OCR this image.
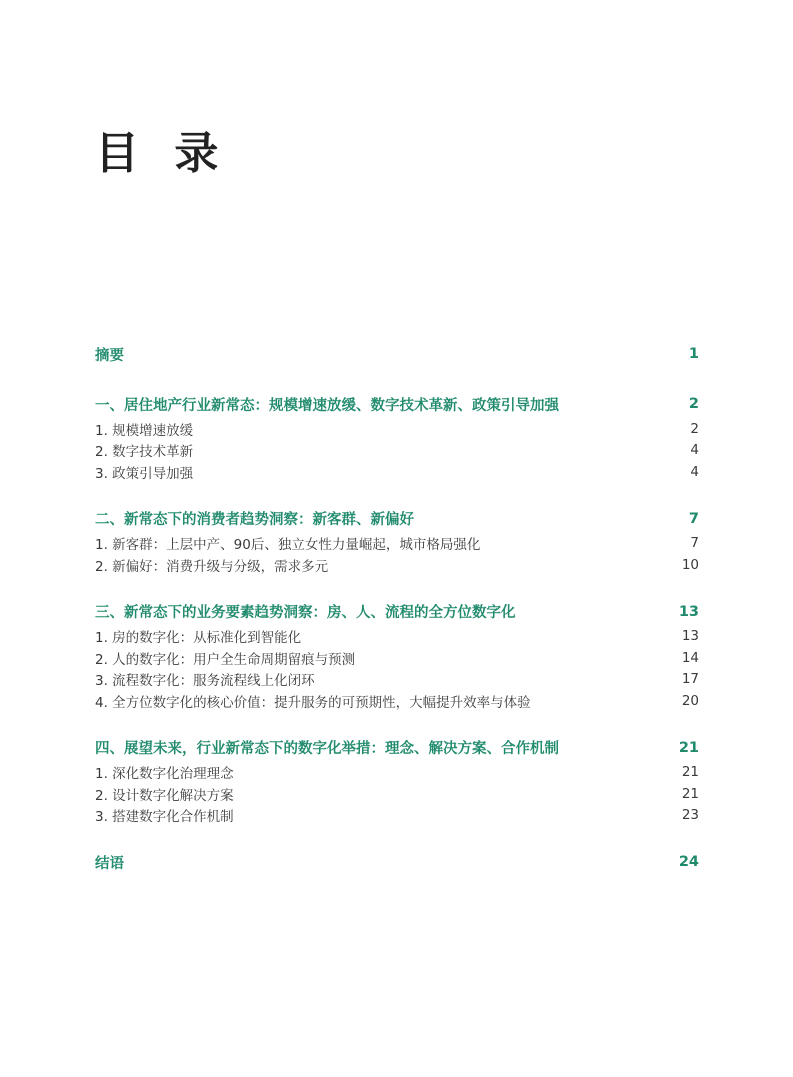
目 录
摘要	1
一、居住地产行业新常态：规模增速放缓、数字技术革新、政策引导加强	2
1. 规模增速放缓	2
2. 数字技术革新	4
3. 政策引导加强	4
二、新常态下的消费者趋势洞察：新客群、新偏好	7
1. 新客群：上层中产、90后、独立女性力量崛起，城市格局强化	7
2. 新偏好：消费升级与分级，需求多元	10
三、新常态下的业务要素趋势洞察：房、人、流程的全方位数字化	13
1. 房的数字化：从标准化到智能化	13
2. 人的数字化：用户全生命周期留痕与预测	14
3. 流程数字化：服务流程线上化闭环	17
4. 全方位数字化的核心价值：提升服务的可预期性，大幅提升效率与体验	20
四、展望未来，行业新常态下的数字化举措：理念、解决方案、合作机制	21
1. 深化数字化治理理念	21
2. 设计数字化解决方案	21
3. 搭建数字化合作机制	23
结语	24
